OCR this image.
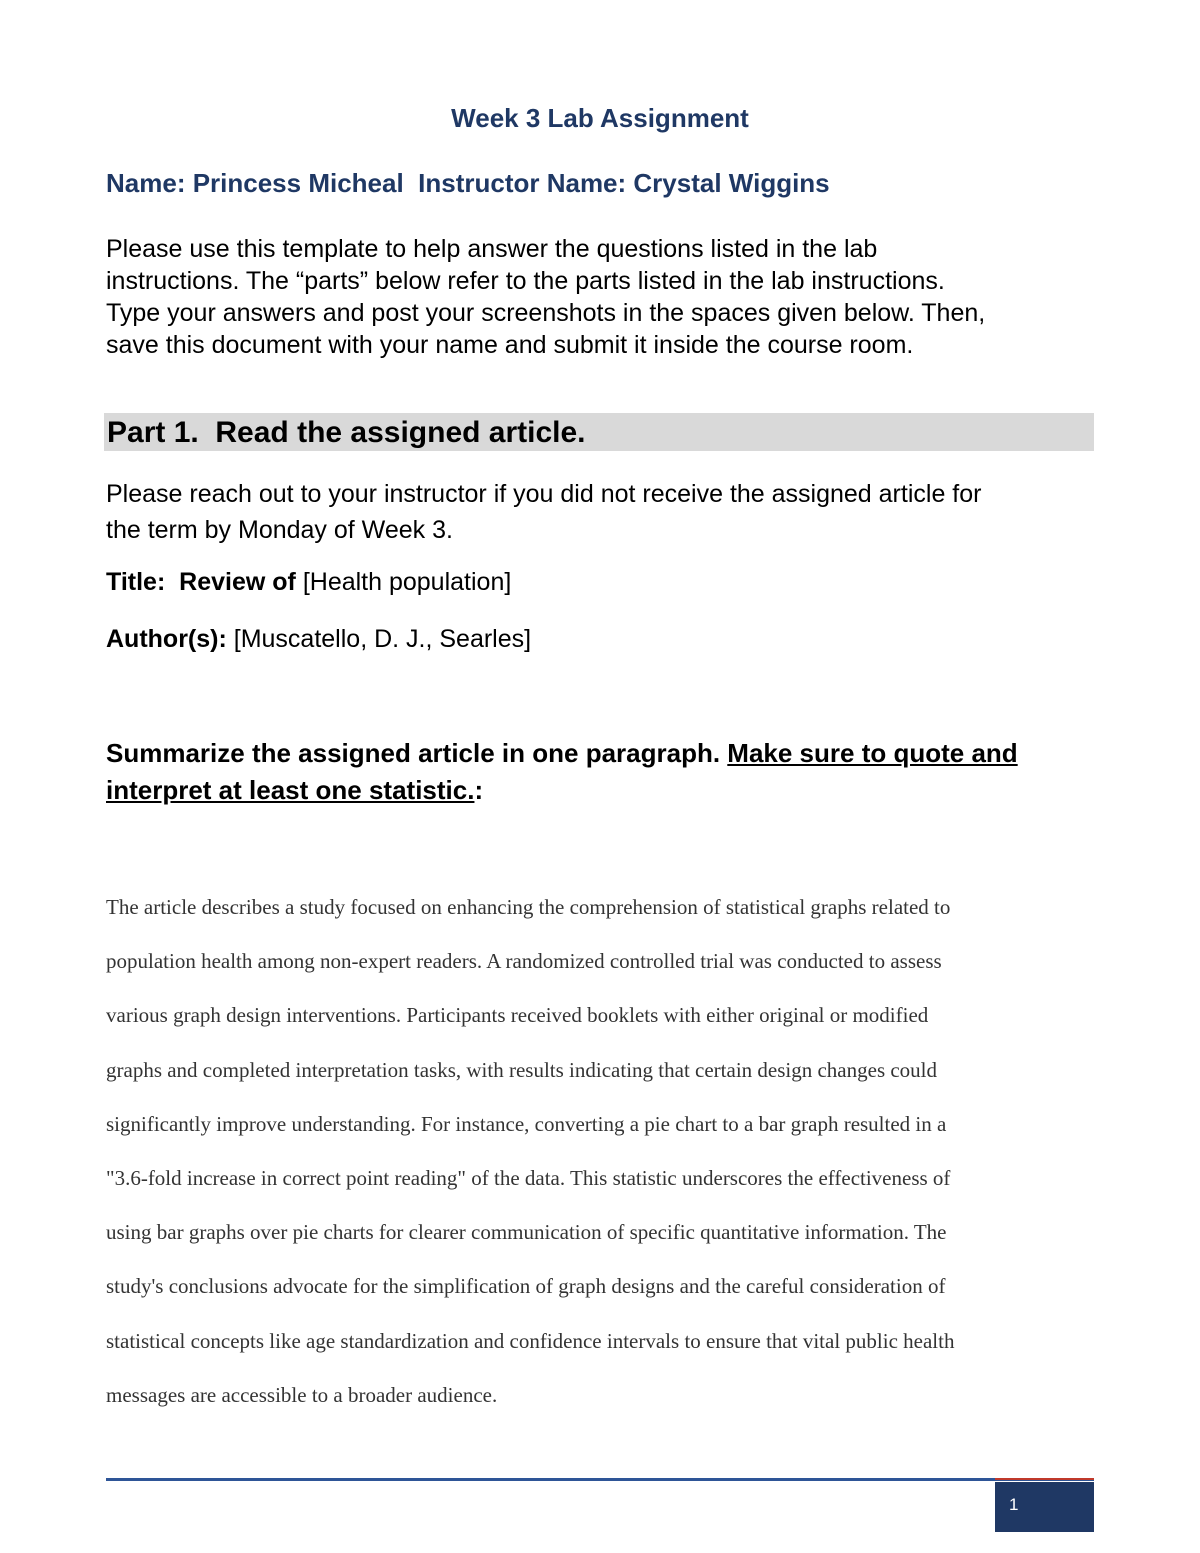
Week 3 Lab Assignment
Name: Princess Micheal  Instructor Name: Crystal Wiggins
Please use this template to help answer the questions listed in the lab
instructions. The “parts” below refer to the parts listed in the lab instructions.
Type your answers and post your screenshots in the spaces given below. Then,
save this document with your name and submit it inside the course room.
Part 1.  Read the assigned article.
Please reach out to your instructor if you did not receive the assigned article for
the term by Monday of Week 3.
Title:  Review of [Health population]
Author(s): [Muscatello, D. J., Searles]
Summarize the assigned article in one paragraph. Make sure to quote and
interpret at least one statistic.:
The article describes a study focused on enhancing the comprehension of statistical graphs related to
population health among non-expert readers. A randomized controlled trial was conducted to assess
various graph design interventions. Participants received booklets with either original or modified
graphs and completed interpretation tasks, with results indicating that certain design changes could
significantly improve understanding. For instance, converting a pie chart to a bar graph resulted in a
"3.6-fold increase in correct point reading" of the data. This statistic underscores the effectiveness of
using bar graphs over pie charts for clearer communication of specific quantitative information. The
study's conclusions advocate for the simplification of graph designs and the careful consideration of
statistical concepts like age standardization and confidence intervals to ensure that vital public health
messages are accessible to a broader audience.
1
